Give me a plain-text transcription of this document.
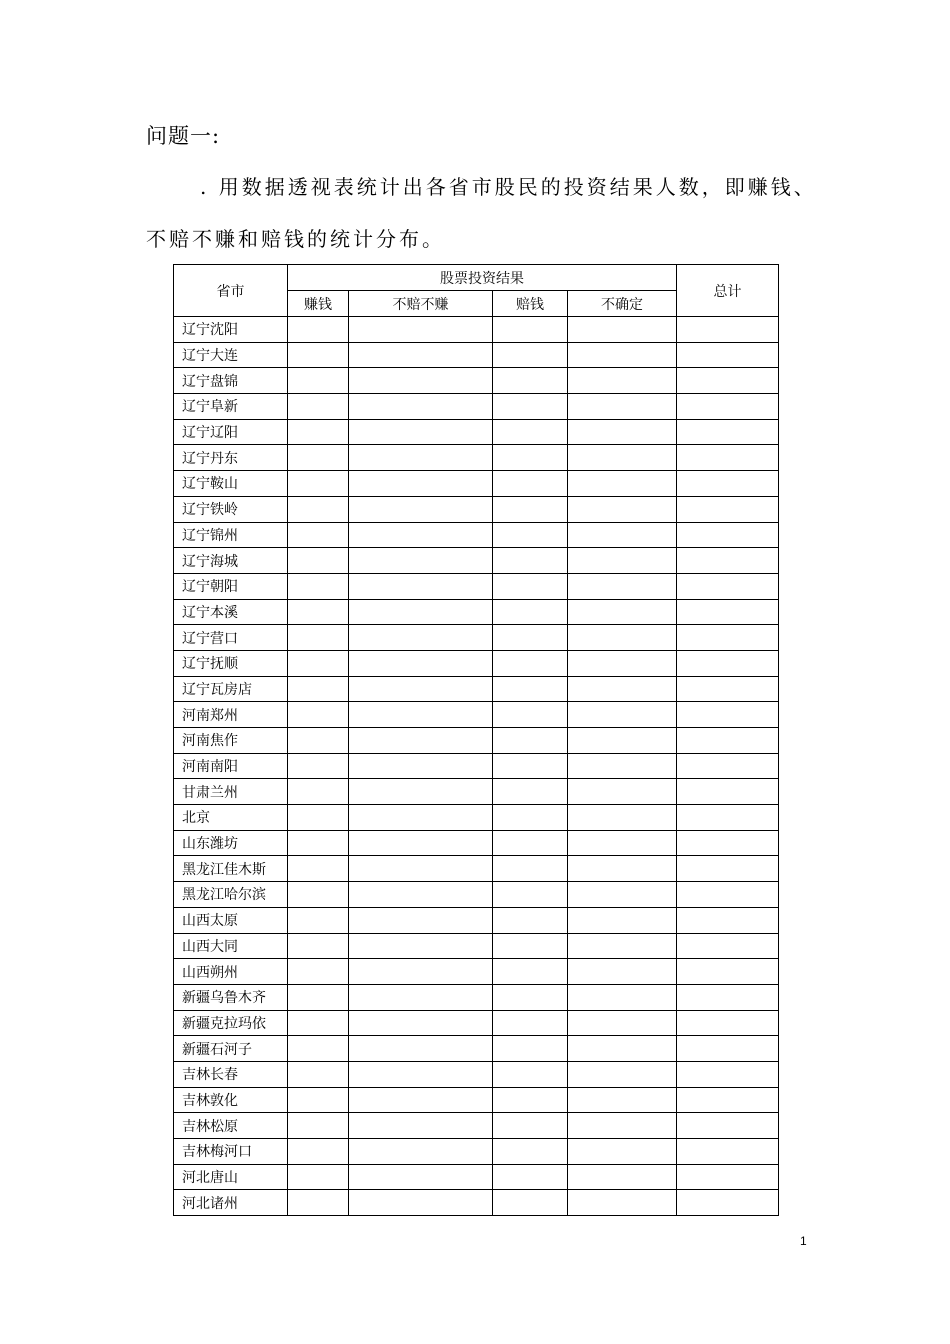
问题一:
. 用数据透视表统计出各省市股民的投资结果人数，即赚钱、
不赔不赚和赔钱的统计分布。
省市	股票投资结果				总计
	赚钱	不赔不赚	赔钱	不确定	
辽宁沈阳					
辽宁大连					
辽宁盘锦					
辽宁阜新					
辽宁辽阳					
辽宁丹东					
辽宁鞍山					
辽宁铁岭					
辽宁锦州					
辽宁海城					
辽宁朝阳					
辽宁本溪					
辽宁营口					
辽宁抚顺					
辽宁瓦房店					
河南郑州					
河南焦作					
河南南阳					
甘肃兰州					
北京					
山东潍坊					
黑龙江佳木斯					
黑龙江哈尔滨					
山西太原					
山西大同					
山西朔州					
新疆乌鲁木齐					
新疆克拉玛依					
新疆石河子					
吉林长春					
吉林敦化					
吉林松原					
吉林梅河口					
河北唐山					
河北诸州					
1
